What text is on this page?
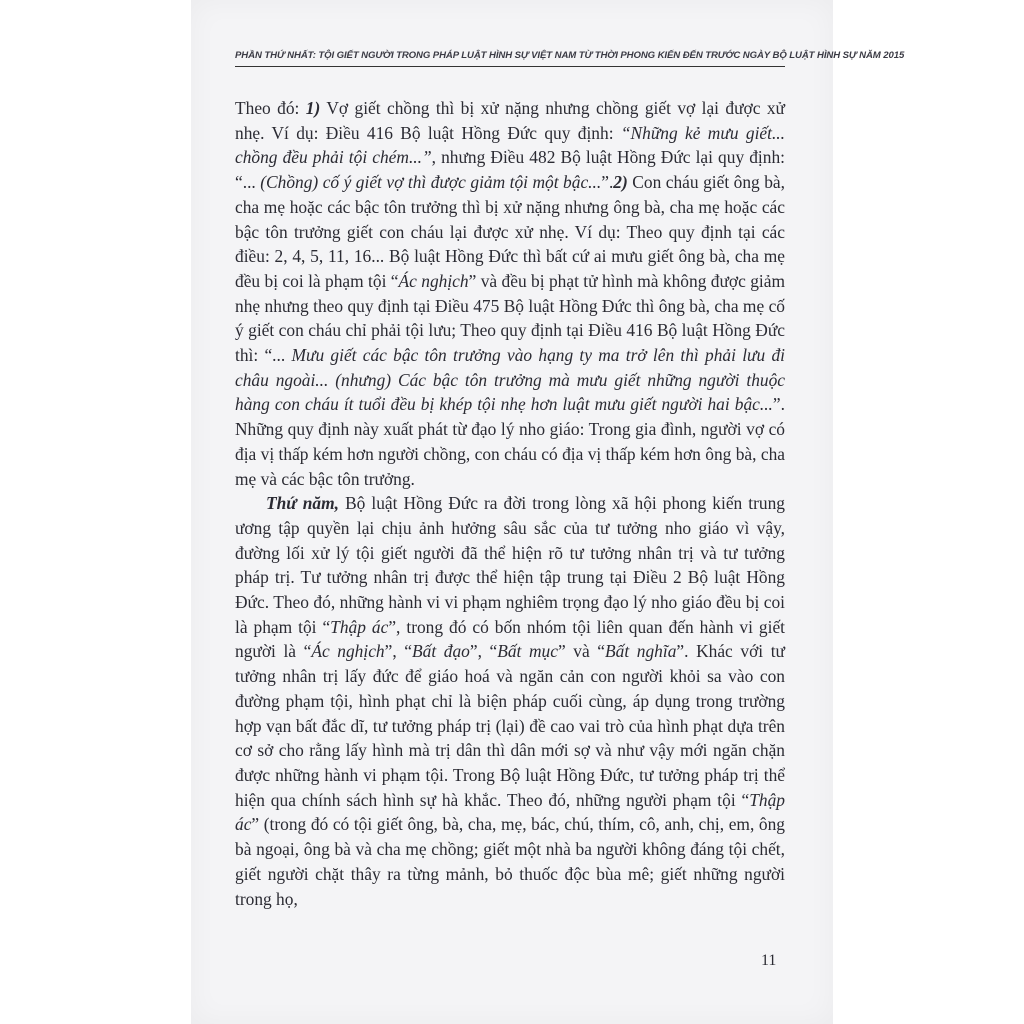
PHẦN THỨ NHẤT: TỘI GIẾT NGƯỜI TRONG PHÁP LUẬT HÌNH SỰ VIỆT NAM TỪ THỜI PHONG KIẾN ĐẾN TRƯỚC NGÀY BỘ LUẬT HÌNH SỰ NĂM 2015

Theo đó: 1) Vợ giết chồng thì bị xử nặng nhưng chồng giết vợ lại được xử nhẹ. Ví dụ: Điều 416 Bộ luật Hồng Đức quy định: “Những kẻ mưu giết... chồng đều phải tội chém...”, nhưng Điều 482 Bộ luật Hồng Đức lại quy định: “... (Chồng) cố ý giết vợ thì được giảm tội một bậc...”.2) Con cháu giết ông bà, cha mẹ hoặc các bậc tôn trưởng thì bị xử nặng nhưng ông bà, cha mẹ hoặc các bậc tôn trưởng giết con cháu lại được xử nhẹ. Ví dụ: Theo quy định tại các điều: 2, 4, 5, 11, 16... Bộ luật Hồng Đức thì bất cứ ai mưu giết ông bà, cha mẹ đều bị coi là phạm tội “Ác nghịch” và đều bị phạt tử hình mà không được giảm nhẹ nhưng theo quy định tại Điều 475 Bộ luật Hồng Đức thì ông bà, cha mẹ cố ý giết con cháu chỉ phải tội lưu; Theo quy định tại Điều 416 Bộ luật Hồng Đức thì: “... Mưu giết các bậc tôn trưởng vào hạng ty ma trở lên thì phải lưu đi châu ngoài... (nhưng) Các bậc tôn trưởng mà mưu giết những người thuộc hàng con cháu ít tuổi đều bị khép tội nhẹ hơn luật mưu giết người hai bậc...”. Những quy định này xuất phát từ đạo lý nho giáo: Trong gia đình, người vợ có địa vị thấp kém hơn người chồng, con cháu có địa vị thấp kém hơn ông bà, cha mẹ và các bậc tôn trưởng.

Thứ năm, Bộ luật Hồng Đức ra đời trong lòng xã hội phong kiến trung ương tập quyền lại chịu ảnh hưởng sâu sắc của tư tưởng nho giáo vì vậy, đường lối xử lý tội giết người đã thể hiện rõ tư tưởng nhân trị và tư tưởng pháp trị. Tư tưởng nhân trị được thể hiện tập trung tại Điều 2 Bộ luật Hồng Đức. Theo đó, những hành vi vi phạm nghiêm trọng đạo lý nho giáo đều bị coi là phạm tội “Thập ác”, trong đó có bốn nhóm tội liên quan đến hành vi giết người là “Ác nghịch”, “Bất đạo”, “Bất mục” và “Bất nghĩa”. Khác với tư tưởng nhân trị lấy đức để giáo hoá và ngăn cản con người khỏi sa vào con đường phạm tội, hình phạt chỉ là biện pháp cuối cùng, áp dụng trong trường hợp vạn bất đắc dĩ, tư tưởng pháp trị (lại) đề cao vai trò của hình phạt dựa trên cơ sở cho rằng lấy hình mà trị dân thì dân mới sợ và như vậy mới ngăn chặn được những hành vi phạm tội. Trong Bộ luật Hồng Đức, tư tưởng pháp trị thể hiện qua chính sách hình sự hà khắc. Theo đó, những người phạm tội “Thập ác” (trong đó có tội giết ông, bà, cha, mẹ, bác, chú, thím, cô, anh, chị, em, ông bà ngoại, ông bà và cha mẹ chồng; giết một nhà ba người không đáng tội chết, giết người chặt thây ra từng mảnh, bỏ thuốc độc bùa mê; giết những người trong họ,

11
